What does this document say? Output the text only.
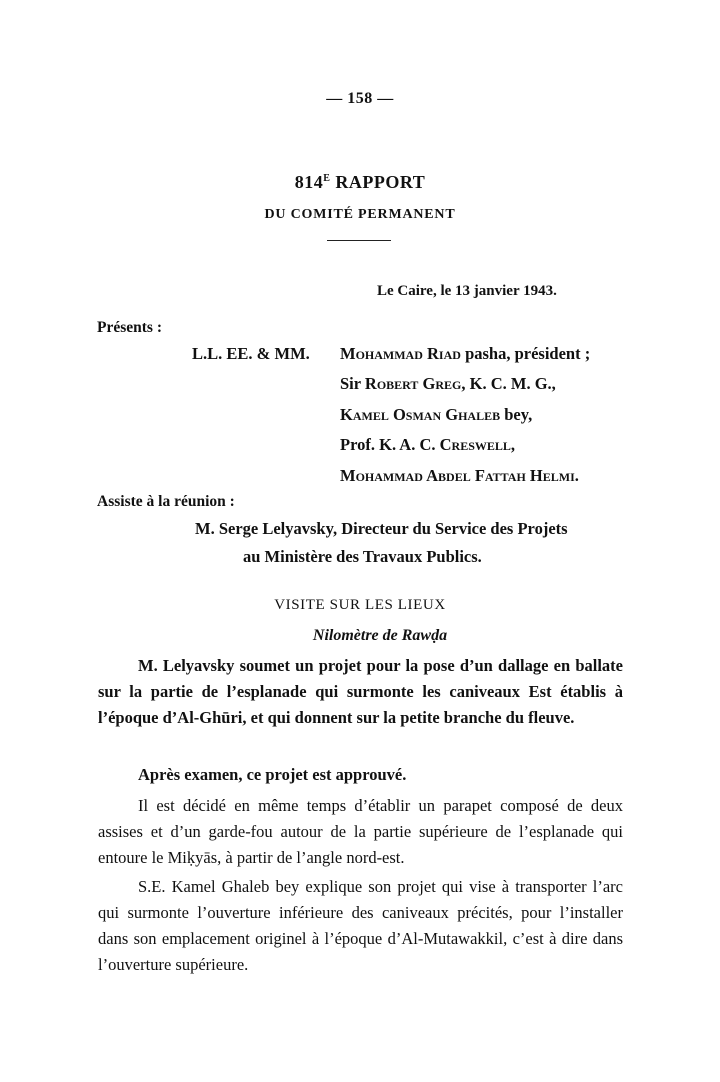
— 158 —
$814^E$ RAPPORT
DU COMITÉ PERMANENT
Le Caire, le 13 janvier 1943.
Présents :
L.L. EE. & MM. Mohammad Riad pasha, président ;
Sir Robert Greg, K. C. M. G.,
Kamel Osman Ghaleb bey,
Prof. K. A. C. Creswell,
Mohammad Abdel Fattah Helmi.
Assiste à la réunion :
M. Serge Lelyavsky, Directeur du Service des Projets
au Ministère des Travaux Publics.
VISITE SUR LES LIEUX
Nilomètre de Rawḍa
M. Lelyavsky soumet un projet pour la pose d’un dallage en ballate sur la partie de l’esplanade qui surmonte les caniveaux Est établis à l’époque d’Al-Ghūri, et qui donnent sur la petite branche du fleuve.
Après examen, ce projet est approuvé.
Il est décidé en même temps d’établir un parapet composé de deux assises et d’un garde-fou autour de la partie supérieure de l’esplanade qui entoure le Miḳyās, à partir de l’angle nord-est.
S.E. Kamel Ghaleb bey explique son projet qui vise à transporter l’arc qui surmonte l’ouverture inférieure des caniveaux précités, pour l’installer dans son emplacement originel à l’époque d’Al-Mutawakkil, c’est à dire dans l’ouverture supérieure.
